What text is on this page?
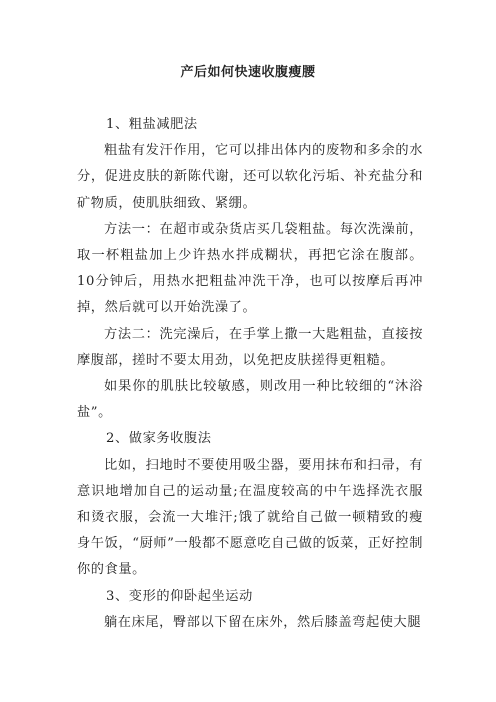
产后如何快速收腹瘦腰

1、粗盐减肥法

粗盐有发汗作用，它可以排出体内的废物和多余的水分，促进皮肤的新陈代谢，还可以软化污垢、补充盐分和矿物质，使肌肤细致、紧绷。

方法一：在超市或杂货店买几袋粗盐。每次洗澡前，取一杯粗盐加上少许热水拌成糊状，再把它涂在腹部。10分钟后，用热水把粗盐冲洗干净，也可以按摩后再冲掉，然后就可以开始洗澡了。

方法二：洗完澡后，在手掌上撒一大匙粗盐，直接按摩腹部，搓时不要太用劲，以免把皮肤搓得更粗糙。

如果你的肌肤比较敏感，则改用一种比较细的“沐浴盐”。

2、做家务收腹法

比如，扫地时不要使用吸尘器，要用抹布和扫帚，有意识地增加自己的运动量;在温度较高的中午选择洗衣服和烫衣服，会流一大堆汗;饿了就给自己做一顿精致的瘦身午饭，“厨师”一般都不愿意吃自己做的饭菜，正好控制你的食量。

3、变形的仰卧起坐运动

躺在床尾，臀部以下留在床外，然后膝盖弯起使大腿
